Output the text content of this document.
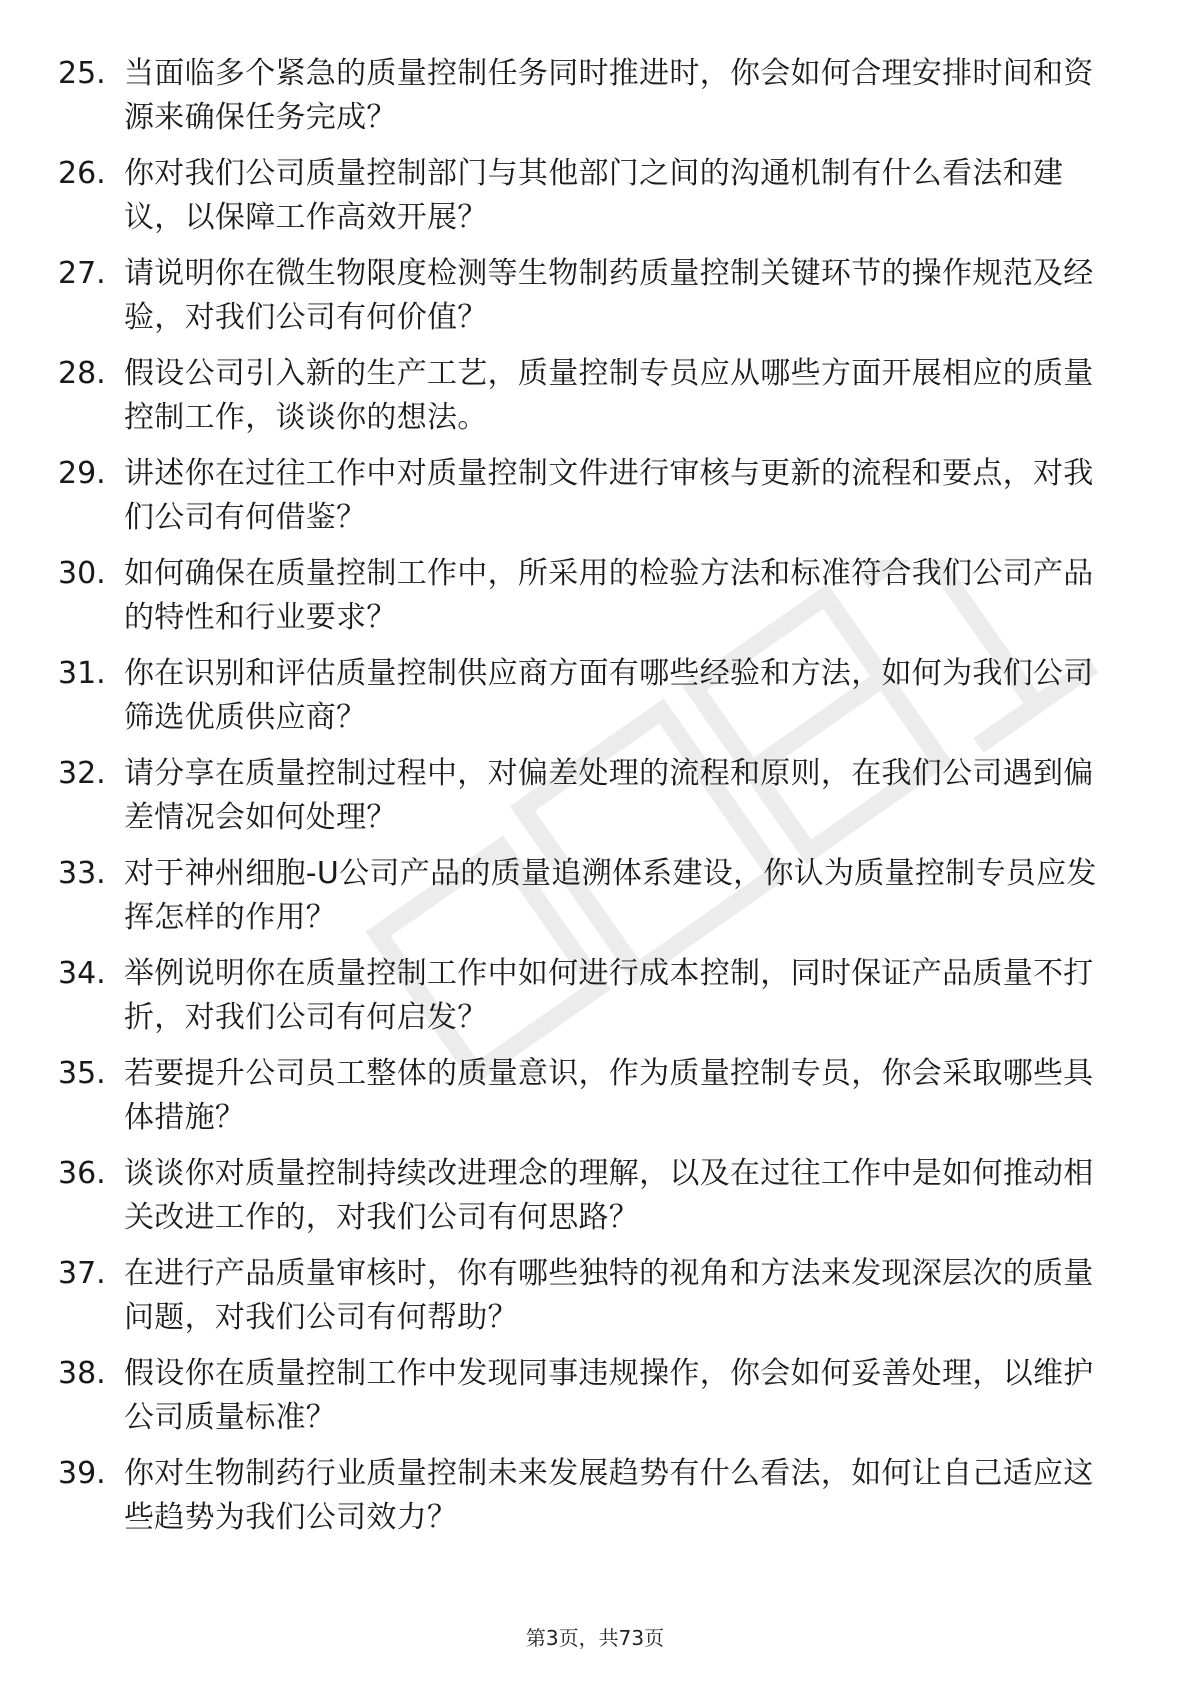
25. 当面临多个紧急的质量控制任务同时推进时，你会如何合理安排时间和资源来确保任务完成？
26. 你对我们公司质量控制部门与其他部门之间的沟通机制有什么看法和建议，以保障工作高效开展？
27. 请说明你在微生物限度检测等生物制药质量控制关键环节的操作规范及经验，对我们公司有何价值？
28. 假设公司引入新的生产工艺，质量控制专员应从哪些方面开展相应的质量控制工作，谈谈你的想法。
29. 讲述你在过往工作中对质量控制文件进行审核与更新的流程和要点，对我们公司有何借鉴？
30. 如何确保在质量控制工作中，所采用的检验方法和标准符合我们公司产品的特性和行业要求？
31. 你在识别和评估质量控制供应商方面有哪些经验和方法，如何为我们公司筛选优质供应商？
32. 请分享在质量控制过程中，对偏差处理的流程和原则，在我们公司遇到偏差情况会如何处理？
33. 对于神州细胞-U公司产品的质量追溯体系建设，你认为质量控制专员应发挥怎样的作用？
34. 举例说明你在质量控制工作中如何进行成本控制，同时保证产品质量不打折，对我们公司有何启发？
35. 若要提升公司员工整体的质量意识，作为质量控制专员，你会采取哪些具体措施？
36. 谈谈你对质量控制持续改进理念的理解，以及在过往工作中是如何推动相关改进工作的，对我们公司有何思路？
37. 在进行产品质量审核时，你有哪些独特的视角和方法来发现深层次的质量问题，对我们公司有何帮助？
38. 假设你在质量控制工作中发现同事违规操作，你会如何妥善处理，以维护公司质量标准？
39. 你对生物制药行业质量控制未来发展趋势有什么看法，如何让自己适应这些趋势为我们公司效力？
第3页，共73页
